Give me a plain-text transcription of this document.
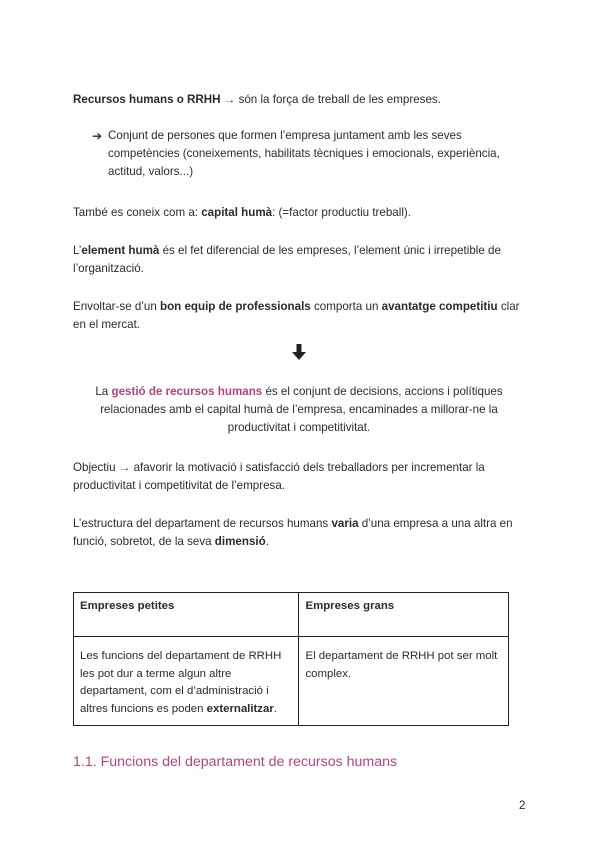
Recursos humans o RRHH → són la força de treball de les empreses.

➔ Conjunt de persones que formen l’empresa juntament amb les seves competències (coneixements, habilitats tècniques i emocionals, experiència, actitud, valors...)

També es coneix com a: capital humà: (=factor productiu treball).

L’element humà és el fet diferencial de les empreses, l’element únic i irrepetible de l’organització.

Envoltar-se d’un bon equip de professionals comporta un avantatge competitiu clar en el mercat.

La gestió de recursos humans és el conjunt de decisions, accions i polítiques relacionades amb el capital humà de l’empresa, encaminades a millorar-ne la productivitat i competitivitat.

Objectiu → afavorir la motivació i satisfacció dels treballadors per incrementar la productivitat i competitivitat de l’empresa.

L’estructura del departament de recursos humans varia d’una empresa a una altra en funció, sobretot, de la seva dimensió.

Empreses petites	Empreses grans
Les funcions del departament de RRHH les pot dur a terme algun altre departament, com el d’administració i altres funcions es poden externalitzar.	El departament de RRHH pot ser molt complex.
1.1. Funcions del departament de recursos humans
2
